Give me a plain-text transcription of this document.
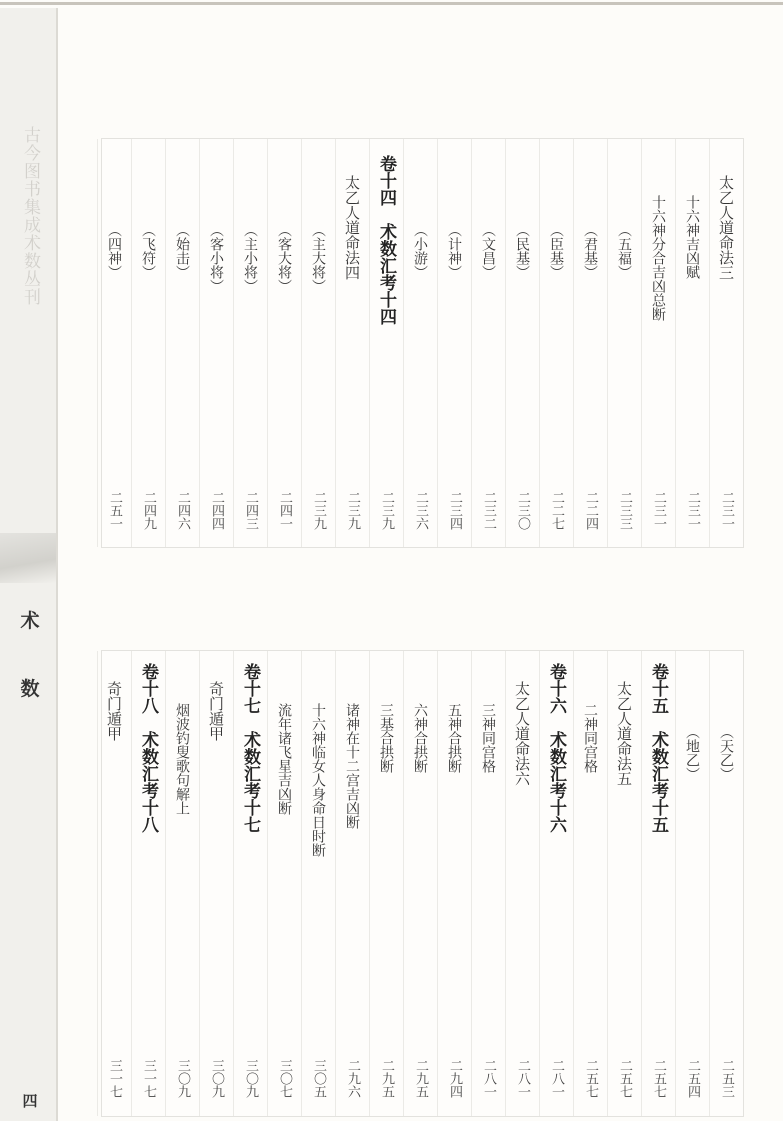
古今图书集成术数丛刊
术
数
四
太乙人道命法三
二三一
十六神吉凶赋
二三一
十六神分合吉凶总断
二三一
（五福）
二三三
（君基）
二二四
（臣基）
二二七
（民基）
二三〇
（文昌）
二三二
（计神）
二三四
（小游）
二三六
卷十四　术数汇考十四
二三九
太乙人道命法四
二三九
（主大将）
二三九
（客大将）
二四一
（主小将）
二四三
（客小将）
二四四
（始击）
二四六
（飞符）
二四九
（四神）
二五一
（天乙）
二五三
（地乙）
二五四
卷十五　术数汇考十五
二五七
太乙人道命法五
二五七
二神同宫格
二五七
卷十六　术数汇考十六
二八一
太乙人道命法六
二八一
三神同宫格
二八一
五神合拱断
二九四
六神合拱断
二九五
三基合拱断
二九五
诸神在十二宫吉凶断
二九六
十六神临女人身命日时断
三〇五
流年诸飞星吉凶断
三〇七
卷十七　术数汇考十七
三〇九
奇门遁甲
三〇九
烟波钓叟歌句解上
三〇九
卷十八　术数汇考十八
三一七
奇门遁甲
三一七
